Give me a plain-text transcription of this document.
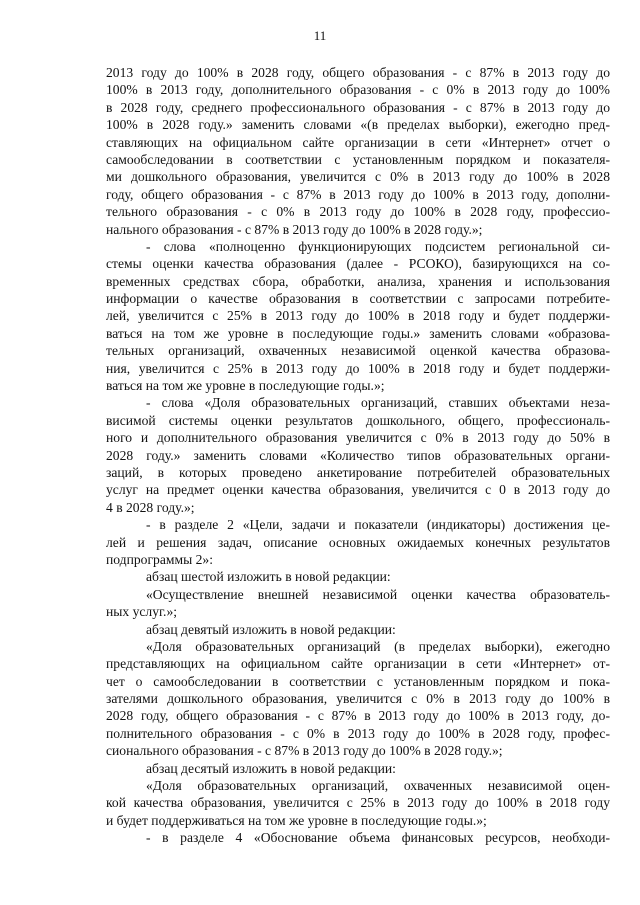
11
2013 году до 100% в 2028 году, общего образования - с 87% в 2013 году до
100% в 2013 году, дополнительного образования - с 0% в 2013 году до 100%
в 2028 году, среднего профессионального образования - с 87% в 2013 году до
100% в 2028 году.» заменить словами «(в пределах выборки), ежегодно пред-
ставляющих на официальном сайте организации в сети «Интернет» отчет о
самообследовании в соответствии с установленным порядком и показателя-
ми дошкольного образования, увеличится с 0% в 2013 году до 100% в 2028
году, общего образования - с 87% в 2013 году до 100% в 2013 году, дополни-
тельного образования - с 0% в 2013 году до 100% в 2028 году, профессио-
нального образования - с 87% в 2013 году до 100% в 2028 году.»;
- слова «полноценно функционирующих подсистем региональной си-
стемы оценки качества образования (далее - РСОКО), базирующихся на со-
временных средствах сбора, обработки, анализа, хранения и использования
информации о качестве образования в соответствии с запросами потребите-
лей, увеличится с 25% в 2013 году до 100% в 2018 году и будет поддержи-
ваться на том же уровне в последующие годы.» заменить словами «образова-
тельных организаций, охваченных независимой оценкой качества образова-
ния, увеличится с 25% в 2013 году до 100% в 2018 году и будет поддержи-
ваться на том же уровне в последующие годы.»;
- слова «Доля образовательных организаций, ставших объектами неза-
висимой системы оценки результатов дошкольного, общего, профессиональ-
ного и дополнительного образования увеличится с 0% в 2013 году до 50% в
2028 году.» заменить словами «Количество типов образовательных органи-
заций, в которых проведено анкетирование потребителей образовательных
услуг на предмет оценки качества образования, увеличится с 0 в 2013 году до
4 в 2028 году.»;
- в разделе 2 «Цели, задачи и показатели (индикаторы) достижения це-
лей и решения задач, описание основных ожидаемых конечных результатов
подпрограммы 2»:
абзац шестой изложить в новой редакции:
«Осуществление внешней независимой оценки качества образователь-
ных услуг.»;
абзац девятый изложить в новой редакции:
«Доля образовательных организаций (в пределах выборки), ежегодно
представляющих на официальном сайте организации в сети «Интернет» от-
чет о самообследовании в соответствии с установленным порядком и пока-
зателями дошкольного образования, увеличится с 0% в 2013 году до 100% в
2028 году, общего образования - с 87% в 2013 году до 100% в 2013 году, до-
полнительного образования - с 0% в 2013 году до 100% в 2028 году, профес-
сионального образования - с 87% в 2013 году до 100% в 2028 году.»;
абзац десятый изложить в новой редакции:
«Доля образовательных организаций, охваченных независимой оцен-
кой качества образования, увеличится с 25% в 2013 году до 100% в 2018 году
и будет поддерживаться на том же уровне в последующие годы.»;
- в разделе 4 «Обоснование объема финансовых ресурсов, необходи-
